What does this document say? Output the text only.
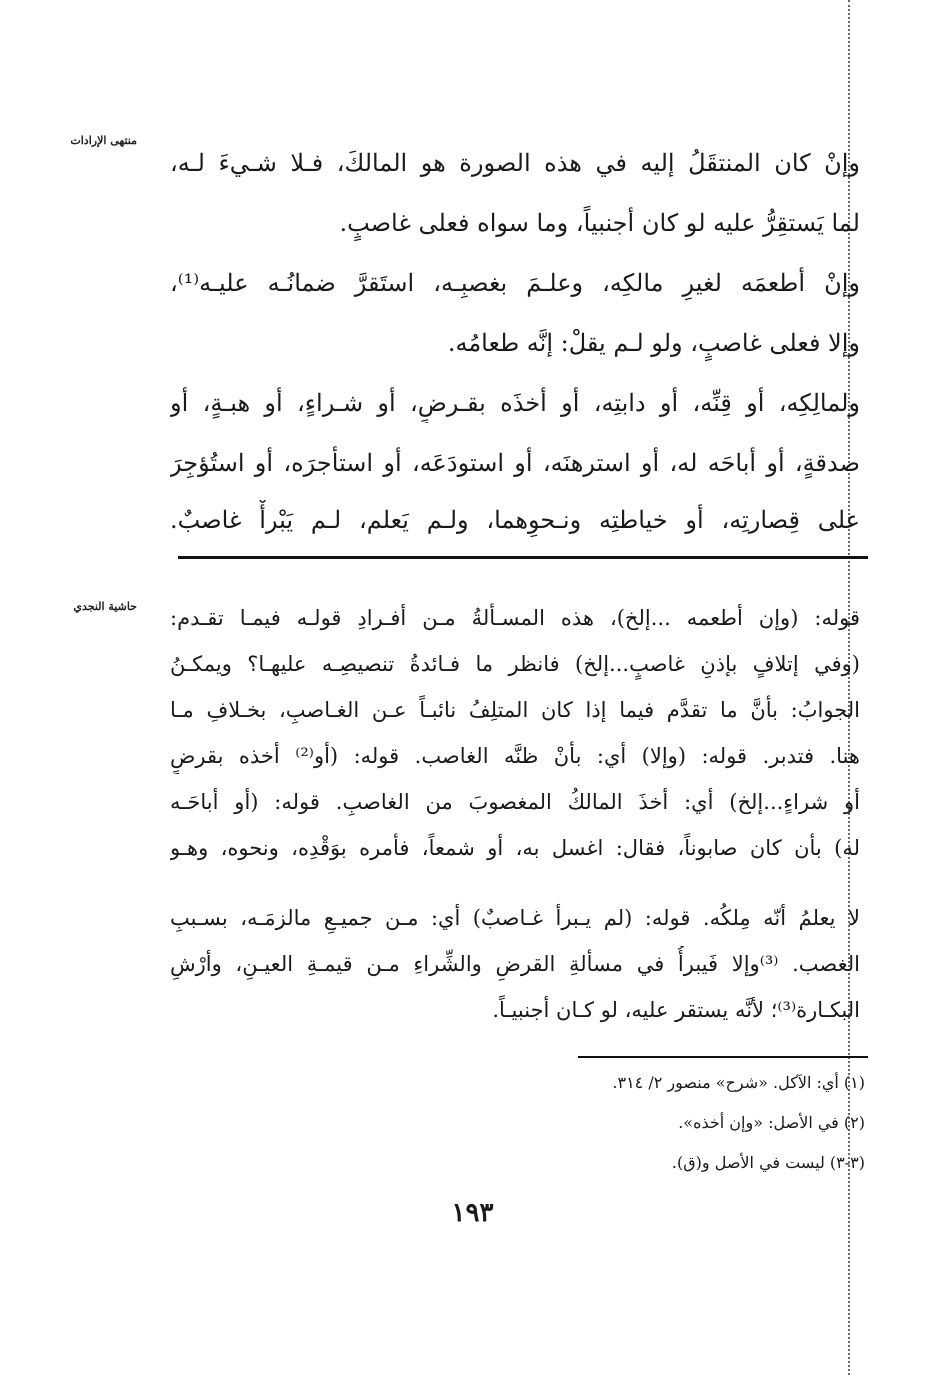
منتهى الإرادات
حاشية النجدي
وإنْ كان المنتقَلُ إليه في هذه الصورة هو المالكَ، فـلا شـيءَ لـه،
لما يَستقِرُّ عليه لو كان أجنبياً، وما سواه فعلى غاصبٍ.
وإنْ أطعمَه لغيرِ مالكِه، وعلـمَ بغصبِـه، استَقرَّ ضمانُـه عليـه⁽¹⁾،
وإلا فعلى غاصبٍ، ولو لـم يقلْ: إنَّه طعامُه.
ولمالِكِه، أو قِنِّه، أو دابتِه، أو أخذَه بقـرضٍ، أو شـراءٍ، أو هبـةٍ، أو
صدقةٍ، أو أباحَه له، أو استرهنَه، أو استودَعَه، أو استأجرَه، أو استُؤجِرَ
على قِصارتِه، أو خياطتِه ونـحوِهما، ولـم يَعلم، لـم يَبْرأْ غاصبٌ.
قوله: (وإن أطعمه ...إلخ)، هذه المسـألةُ مـن أفـرادِ قولـه فيمـا تقـدم:
(وفي إتلافٍ بإذنِ غاصبٍ...إلخ) فانظر ما فـائدةُ تنصيصِـه عليهـا؟ ويمكـنُ
الجوابُ: بأنَّ ما تقدَّم فيما إذا كان المتلِفُ نائبـاً عـن الغـاصبِ، بخـلافِ مـا
هنا. فتدبر. قوله: (وإلا) أي: بأنْ ظنَّه الغاصب. قوله: (أو⁽²⁾ أخذه بقرضٍ
أو شراءٍ...إلخ) أي: أخذَ المالكُ المغصوبَ من الغاصبِ. قوله: (أو أباحَـه
له) بأن كان صابوناً، فقال: اغسل به، أو شمعاً، فأمره بوَقْدِه، ونحوه، وهـو
لا يعلمُ أنّه مِلكُه. قوله: (لم يـبرأ غـاصبٌ) أي: مـن جميـعِ مالزمَـه، بسـببِ
الغصب. ⁽³⁾وإلا فَيبرأُ في مسألةِ القرضِ والشِّراءِ مـن قيمـةِ العيـنِ، وأرْشِ
البكـارة⁽³⁾؛ لأنَّه يستقر عليه، لو كـان أجنبيـاً.
(١) أي: الآكل. «شرح» منصور ٢/ ٣١٤.
(٢) في الأصل: «وإن أخذه».
(٣-٣) ليست في الأصل و(ق).
١٩٣
